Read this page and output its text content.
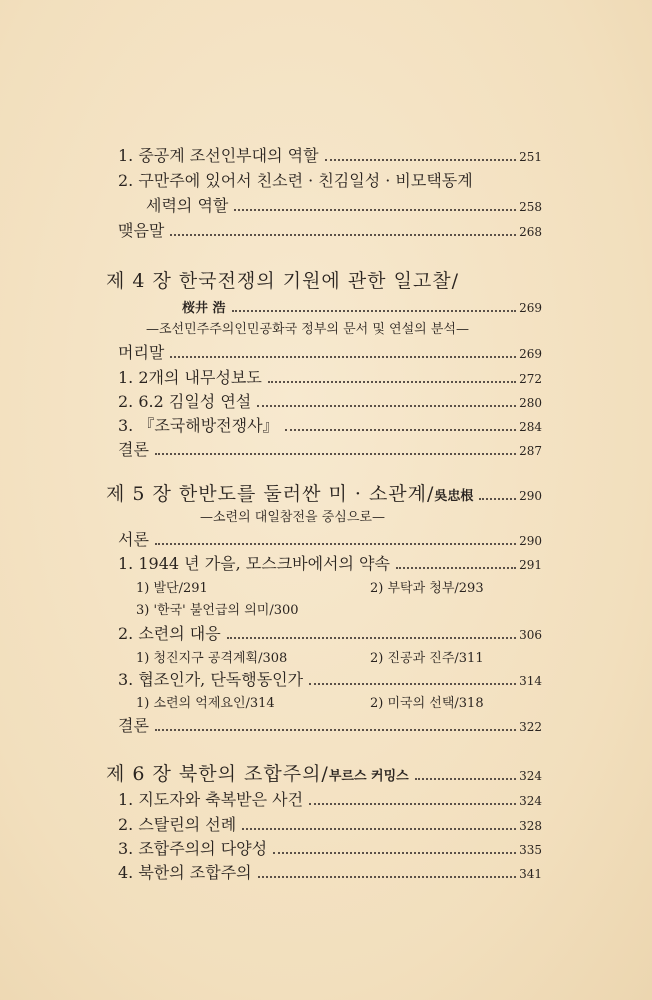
1. 중공계 조선인부대의 역할	251
2. 구만주에 있어서 친소련 · 친김일성 · 비모택동계
세력의 역할	258
맺음말	268
제 4 장 한국전쟁의 기원에 관한 일고찰/
桜井 浩	269
—조선민주주의인민공화국 정부의 문서 및 연설의 분석—
머리말	269
1. 2개의 내무성보도	272
2. 6.2 김일성 연설	280
3. 『조국해방전쟁사』	284
결론	287
제 5 장 한반도를 둘러싼 미 · 소관계/ 吳忠根	290
—소련의 대일참전을 중심으로—
서론	290
1. 1944 년 가을, 모스크바에서의 약속	291
1) 발단/291	2) 부탁과 청부/293
3) '한국' 불언급의 의미/300
2. 소련의 대응	306
1) 청진지구 공격계획/308	2) 진공과 진주/311
3. 협조인가, 단독행동인가	314
1) 소련의 억제요인/314	2) 미국의 선택/318
결론	322
제 6 장 북한의 조합주의/ 부르스 커밍스	324
1. 지도자와 축복받은 사건	324
2. 스탈린의 선례	328
3. 조합주의의 다양성	335
4. 북한의 조합주의	341
